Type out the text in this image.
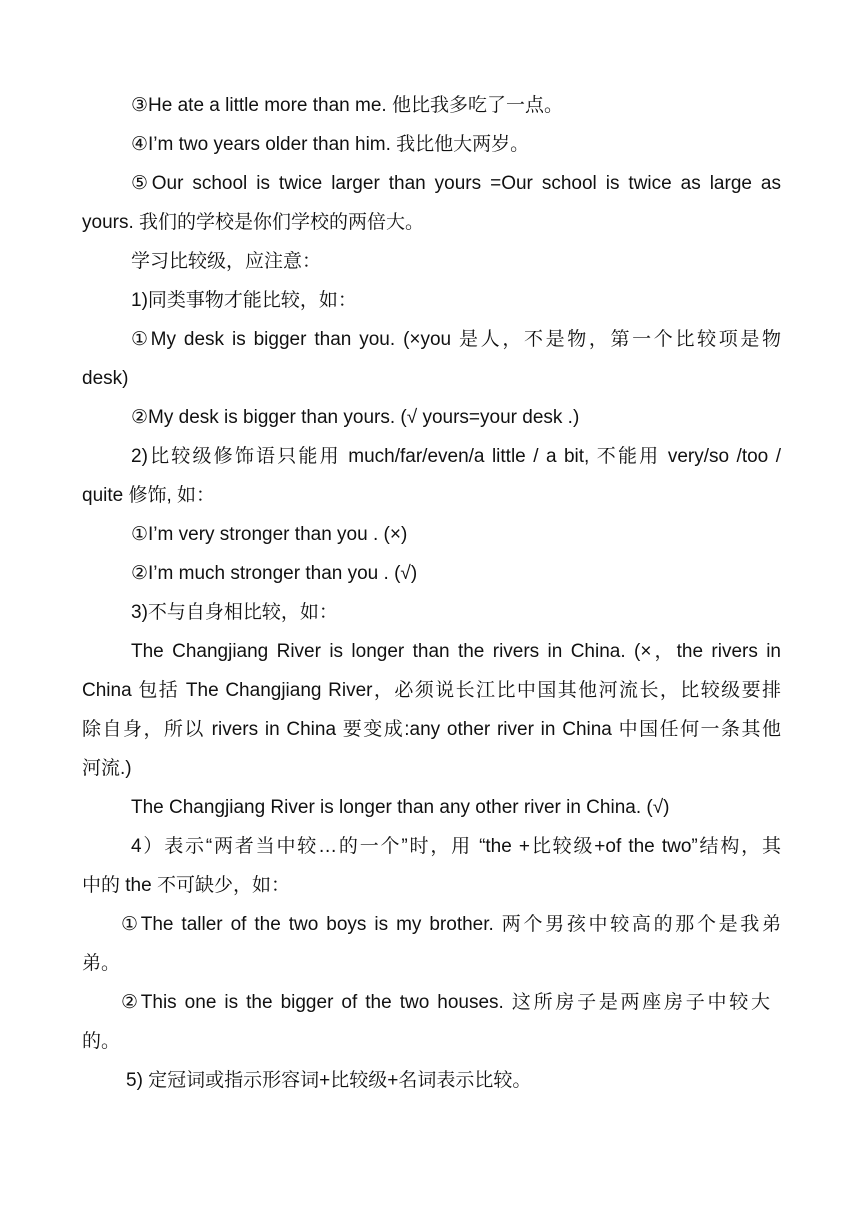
③He ate a little more than me. 他比我多吃了一点。
④I’m two years older than him. 我比他大两岁。
⑤Our school is twice larger than yours =Our school is twice as large as
yours. 我们的学校是你们学校的两倍大。
学习比较级，应注意：
1)同类事物才能比较，如：
①My desk is bigger than you. (×you 是人，不是物，第一个比较项是物
desk)
②My desk is bigger than yours. (√ yours=your desk .)
2)比较级修饰语只能用 much/far/even/a little / a bit, 不能用 very/so /too /
quite 修饰, 如：
①I’m very stronger than you . (×)
②I’m much stronger than you . (√)
3)不与自身相比较，如：
The Changjiang River is longer than the rivers in China. (×，the rivers in
China 包括 The Changjiang River，必须说长江比中国其他河流长，比较级要排
除自身，所以 rivers in China 要变成:any other river in China 中国任何一条其他
河流.)
The Changjiang River is longer than any other river in China. (√)
4）表示“两者当中较…的一个”时，用 “the +比较级+of the two”结构，其
中的 the 不可缺少，如：
①The taller of the two boys is my brother. 两个男孩中较高的那个是我弟
弟。
②This one is the bigger of the two houses. 这所房子是两座房子中较大
的。
5) 定冠词或指示形容词+比较级+名词表示比较。
